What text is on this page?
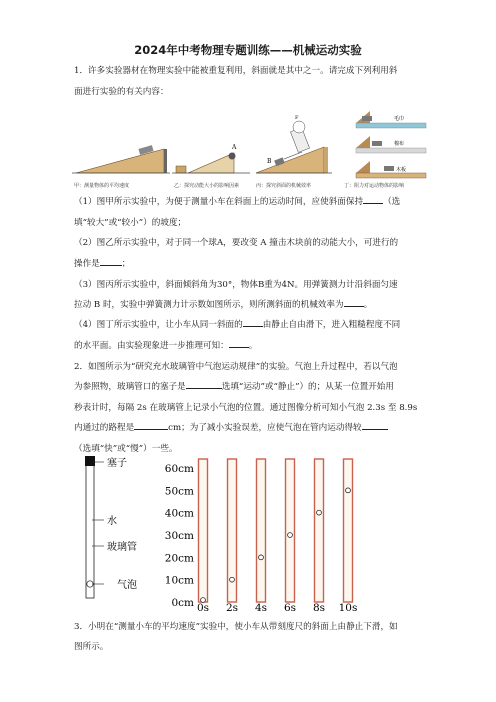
2024年中考物理专题训练——机械运动实验
1．许多实验器材在物理实验中能被重复利用，斜面就是其中之一。请完成下列利用斜
面进行实验的有关内容：
A
B
F	毛巾
棉布
木板
甲：测量物体的平均速度	乙：探究动能大小的影响因素	丙：探究斜面的机械效率	丁：阻力对运动物体的影响
（1）图甲所示实验中，为便于测量小车在斜面上的运动时间，应使斜面保持 （选
填“较大”或“较小”）的坡度；
（2）图乙所示实验中，对于同一个球A，要改变 A 撞击木块前的动能大小，可进行的
操作是	；
（3）图丙所示实验中，斜面倾斜角为30°，物体B重为4N。用弹簧测力计沿斜面匀速
拉动 B 时，实验中弹簧测力计示数如图所示，则所测斜面的机械效率为 。
（4）图丁所示实验中，让小车从同一斜面的 由静止自由滑下，进入粗糙程度不同
的水平面。由实验现象进一步推理可知： 。
2．如图所示为“研究充水玻璃管中气泡运动规律”的实验。气泡上升过程中，若以气泡
为参照物，玻璃管口的塞子是	选填“运动”或“静止”）的；从某一位置开始用
秒表计时，每隔 2s 在玻璃管上记录小气泡的位置。通过图像分析可知小气泡 2.3s 至 8.9s
内通过的路程是	cm；为了减小实验误差，应使气泡在管内运动得较
（选填“快”或“慢”）一些。
塞子
水
玻璃管
气泡
0cm
10cm
20cm
30cm
40cm
50cm
60cm
0s 2s 4s 6s 8s 10s
3．小明在“测量小车的平均速度”实验中，使小车从带刻度尺的斜面上由静止下滑，如
图所示。
